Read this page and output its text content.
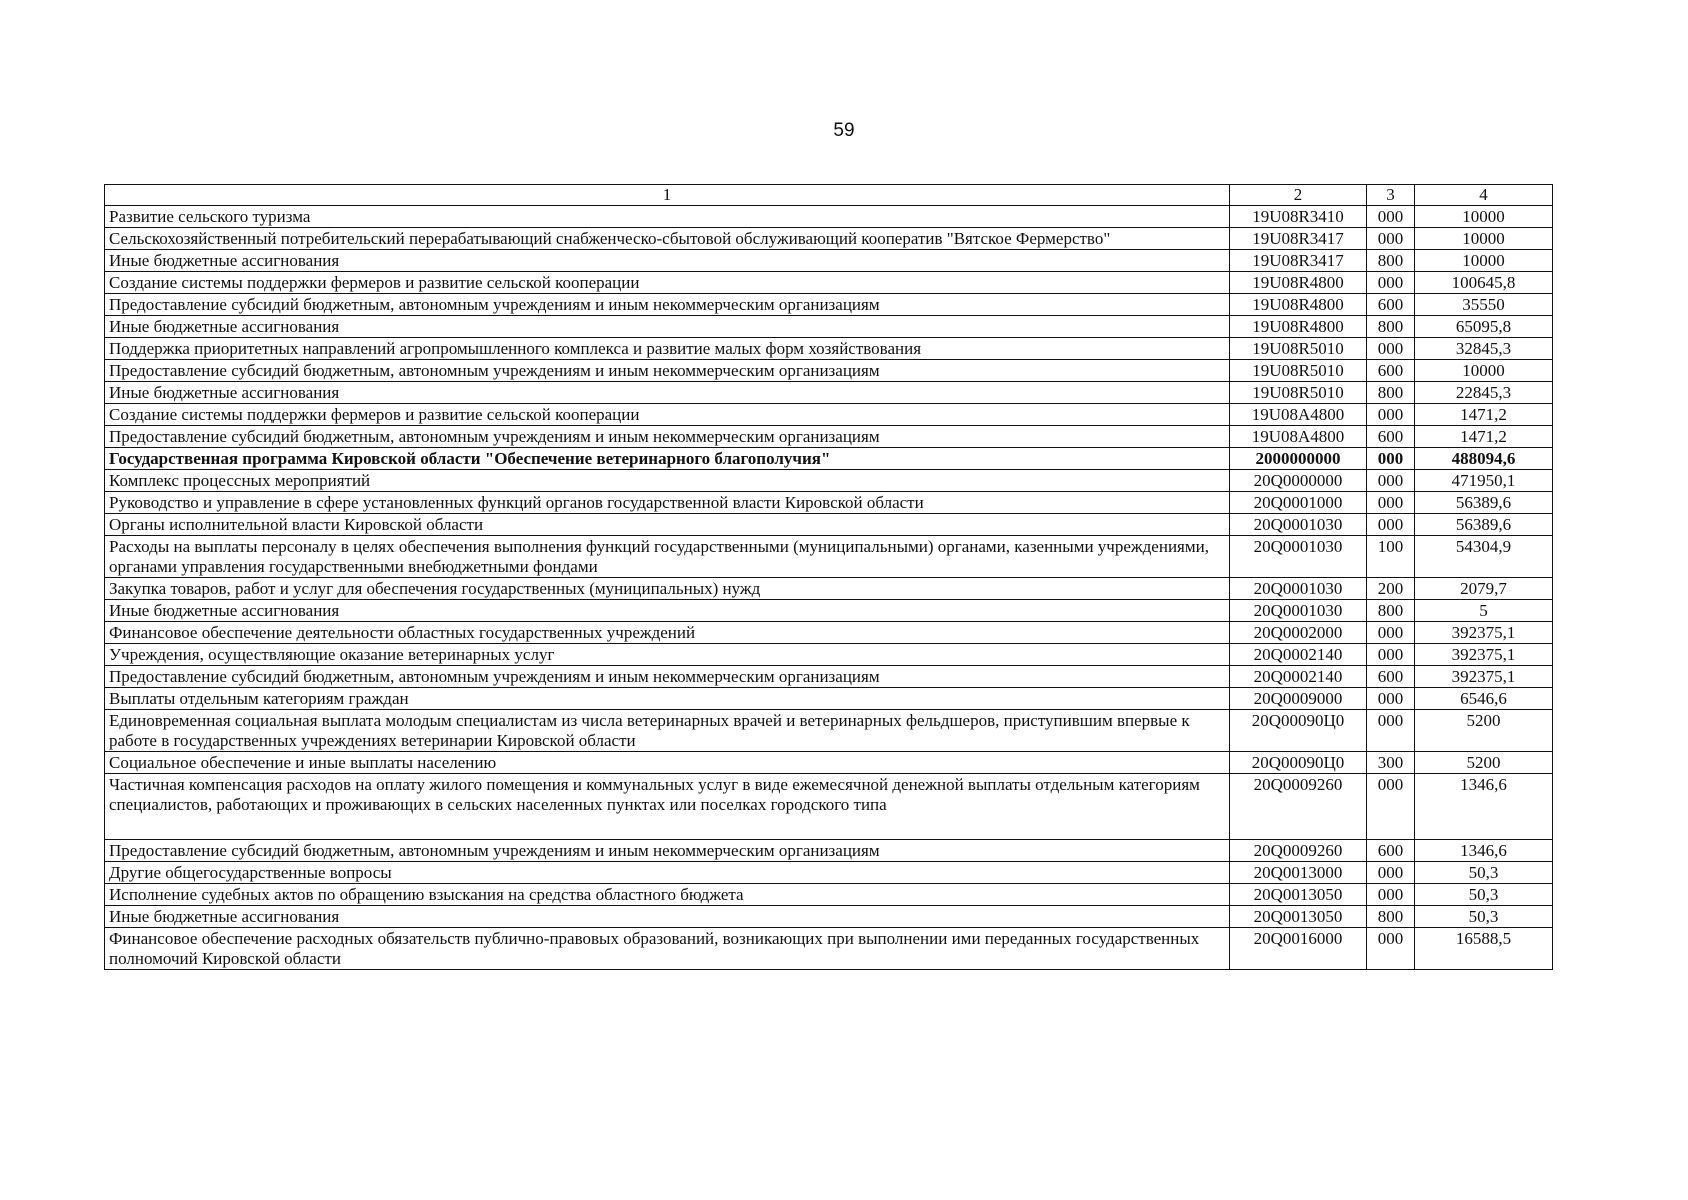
59
1	2	3	4
Развитие сельского туризма	19U08R3410	000	10000
Сельскохозяйственный потребительский перерабатывающий снабженческо-сбытовой обслуживающий кооператив "Вятское Фермерство"	19U08R3417	000	10000
Иные бюджетные ассигнования	19U08R3417	800	10000
Создание системы поддержки фермеров и развитие сельской кооперации	19U08R4800	000	100645,8
Предоставление субсидий бюджетным, автономным учреждениям и иным некоммерческим организациям	19U08R4800	600	35550
Иные бюджетные ассигнования	19U08R4800	800	65095,8
Поддержка приоритетных направлений агропромышленного комплекса и развитие малых форм хозяйствования	19U08R5010	000	32845,3
Предоставление субсидий бюджетным, автономным учреждениям и иным некоммерческим организациям	19U08R5010	600	10000
Иные бюджетные ассигнования	19U08R5010	800	22845,3
Создание системы поддержки фермеров и развитие сельской кооперации	19U08A4800	000	1471,2
Предоставление субсидий бюджетным, автономным учреждениям и иным некоммерческим организациям	19U08A4800	600	1471,2
Государственная программа Кировской области "Обеспечение ветеринарного благополучия"	2000000000	000	488094,6
Комплекс процессных мероприятий	20Q0000000	000	471950,1
Руководство и управление в сфере установленных функций органов государственной власти Кировской области	20Q0001000	000	56389,6
Органы исполнительной власти Кировской области	20Q0001030	000	56389,6
Расходы на выплаты персоналу в целях обеспечения выполнения функций государственными (муниципальными) органами, казенными учреждениями, органами управления государственными внебюджетными фондами	20Q0001030	100	54304,9
Закупка товаров, работ и услуг для обеспечения государственных (муниципальных) нужд	20Q0001030	200	2079,7
Иные бюджетные ассигнования	20Q0001030	800	5
Финансовое обеспечение деятельности областных государственных учреждений	20Q0002000	000	392375,1
Учреждения, осуществляющие оказание ветеринарных услуг	20Q0002140	000	392375,1
Предоставление субсидий бюджетным, автономным учреждениям и иным некоммерческим организациям	20Q0002140	600	392375,1
Выплаты отдельным категориям граждан	20Q0009000	000	6546,6
Единовременная социальная выплата молодым специалистам из числа ветеринарных врачей и ветеринарных фельдшеров, приступившим впервые к работе в государственных учреждениях ветеринарии Кировской области	20Q00090Ц0	000	5200
Социальное обеспечение и иные выплаты населению	20Q00090Ц0	300	5200
Частичная компенсация расходов на оплату жилого помещения и коммунальных услуг в виде ежемесячной денежной выплаты отдельным категориям специалистов, работающих и проживающих в сельских населенных пунктах или поселках городского типа	20Q0009260	000	1346,6
Предоставление субсидий бюджетным, автономным учреждениям и иным некоммерческим организациям	20Q0009260	600	1346,6
Другие общегосударственные вопросы	20Q0013000	000	50,3
Исполнение судебных актов по обращению взыскания на средства областного бюджета	20Q0013050	000	50,3
Иные бюджетные ассигнования	20Q0013050	800	50,3
Финансовое обеспечение расходных обязательств публично-правовых образований, возникающих при выполнении ими переданных государственных полномочий Кировской области	20Q0016000	000	16588,5
